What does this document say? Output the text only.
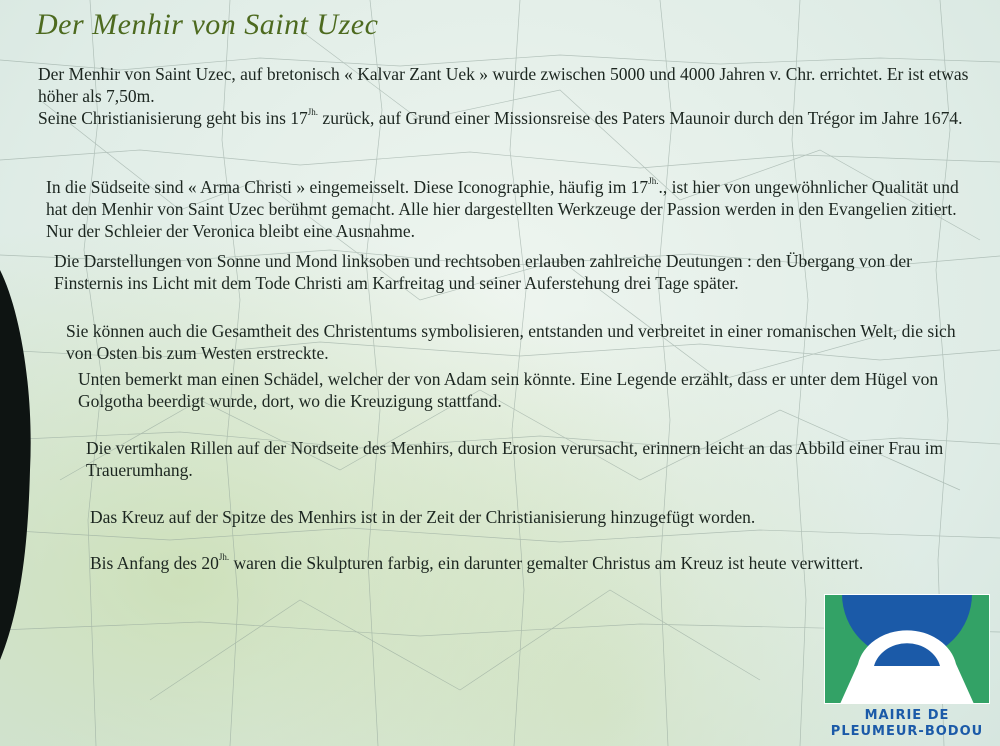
Der Menhir von Saint Uzec

Der Menhir von Saint Uzec, auf bretonisch « Kalvar Zant Uek » wurde zwischen 5000 und 4000 Jahren v. Chr. errichtet. Er ist etwas höher als 7,50m.
Seine Christianisierung geht bis ins $17^{Jh.}$ zurück, auf Grund einer Missionsreise des Paters Maunoir durch den Trégor im Jahre 1674.

In die Südseite sind « Arma Christi » eingemeisselt. Diese Iconographie, häufig im $17^{Jh.}$., ist hier von ungewöhnlicher Qualität und hat den Menhir von Saint Uzec berühmt gemacht. Alle hier dargestellten Werkzeuge der Passion werden in den Evangelien zitiert. Nur der Schleier der Veronica bleibt eine Ausnahme.

Die Darstellungen von Sonne und Mond linksoben und rechtsoben erlauben zahlreiche Deutungen : den Übergang von der Finsternis ins Licht mit dem Tode Christi am Karfreitag und seiner Auferstehung drei Tage später.

Sie können auch die Gesamtheit des Christentums symbolisieren, entstanden und verbreitet in einer romanischen Welt, die sich von Osten bis zum Westen erstreckte.

Unten bemerkt man einen Schädel, welcher der von Adam sein könnte. Eine Legende erzählt, dass er unter dem Hügel von Golgotha beerdigt wurde, dort, wo die Kreuzigung stattfand.

Die vertikalen Rillen auf der Nordseite des Menhirs, durch Erosion verursacht, erinnern leicht an das Abbild einer Frau im Trauerumhang.

Das Kreuz auf der Spitze des Menhirs ist in der Zeit der Christianisierung hinzugefügt worden.

Bis Anfang des $20^{Jh.}$ waren die Skulpturen farbig, ein darunter gemalter Christus am Kreuz ist heute verwittert.

MAIRIE DE
PLEUMEUR-BODOU
